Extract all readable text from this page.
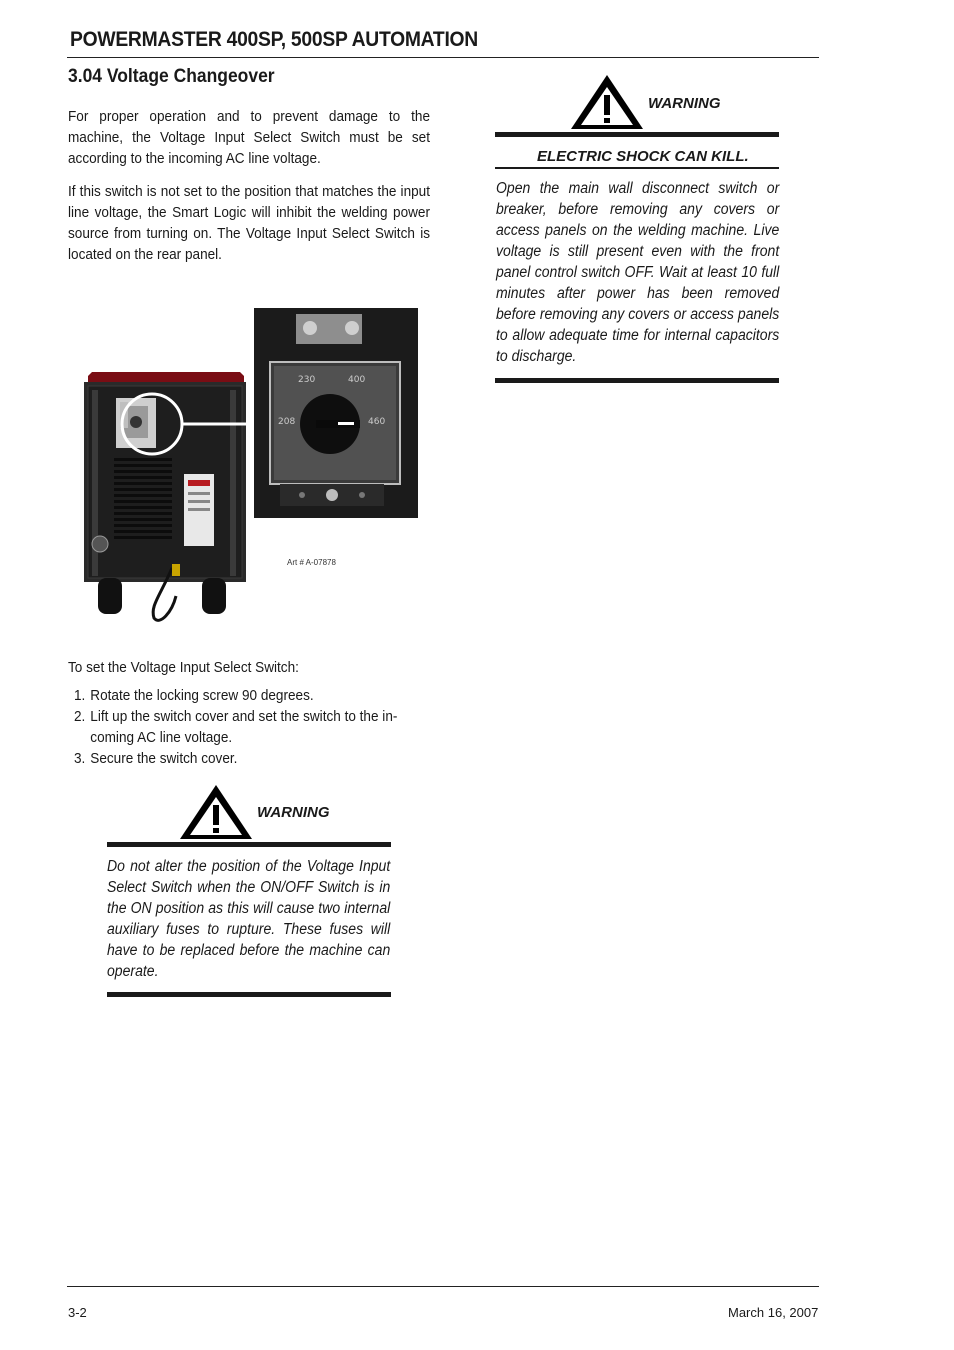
POWERMASTER 400SP, 500SP AUTOMATION
3.04 Voltage Changeover
For proper operation and to prevent damage to the machine, the Voltage Input Select Switch must be set according to the incoming AC line voltage.
If this switch is not set to the position that matches the input line voltage, the Smart Logic will inhibit the welding power source from turning on. The Voltage Input Select Switch is located on the rear panel.
230	400
208	460
Art # A-07878
To set the Voltage Input Select Switch:
1. Rotate the locking screw 90 degrees.
2. Lift up the switch cover and set the switch to the in-coming AC line voltage.
3. Secure the switch cover.
WARNING
Do not alter the position of the Voltage Input Select Switch when the ON/OFF Switch is in the ON position as this will cause two internal auxiliary fuses to rupture. These fuses will have to be replaced before the machine can operate.
WARNING
ELECTRIC SHOCK CAN KILL.
Open the main wall disconnect switch or breaker, before removing any covers or access panels on the welding machine. Live voltage is still present even with the front panel control switch OFF. Wait at least 10 full minutes after power has been removed before removing any covers or access panels to allow adequate time for internal capacitors to discharge.
3-2	March 16, 2007
